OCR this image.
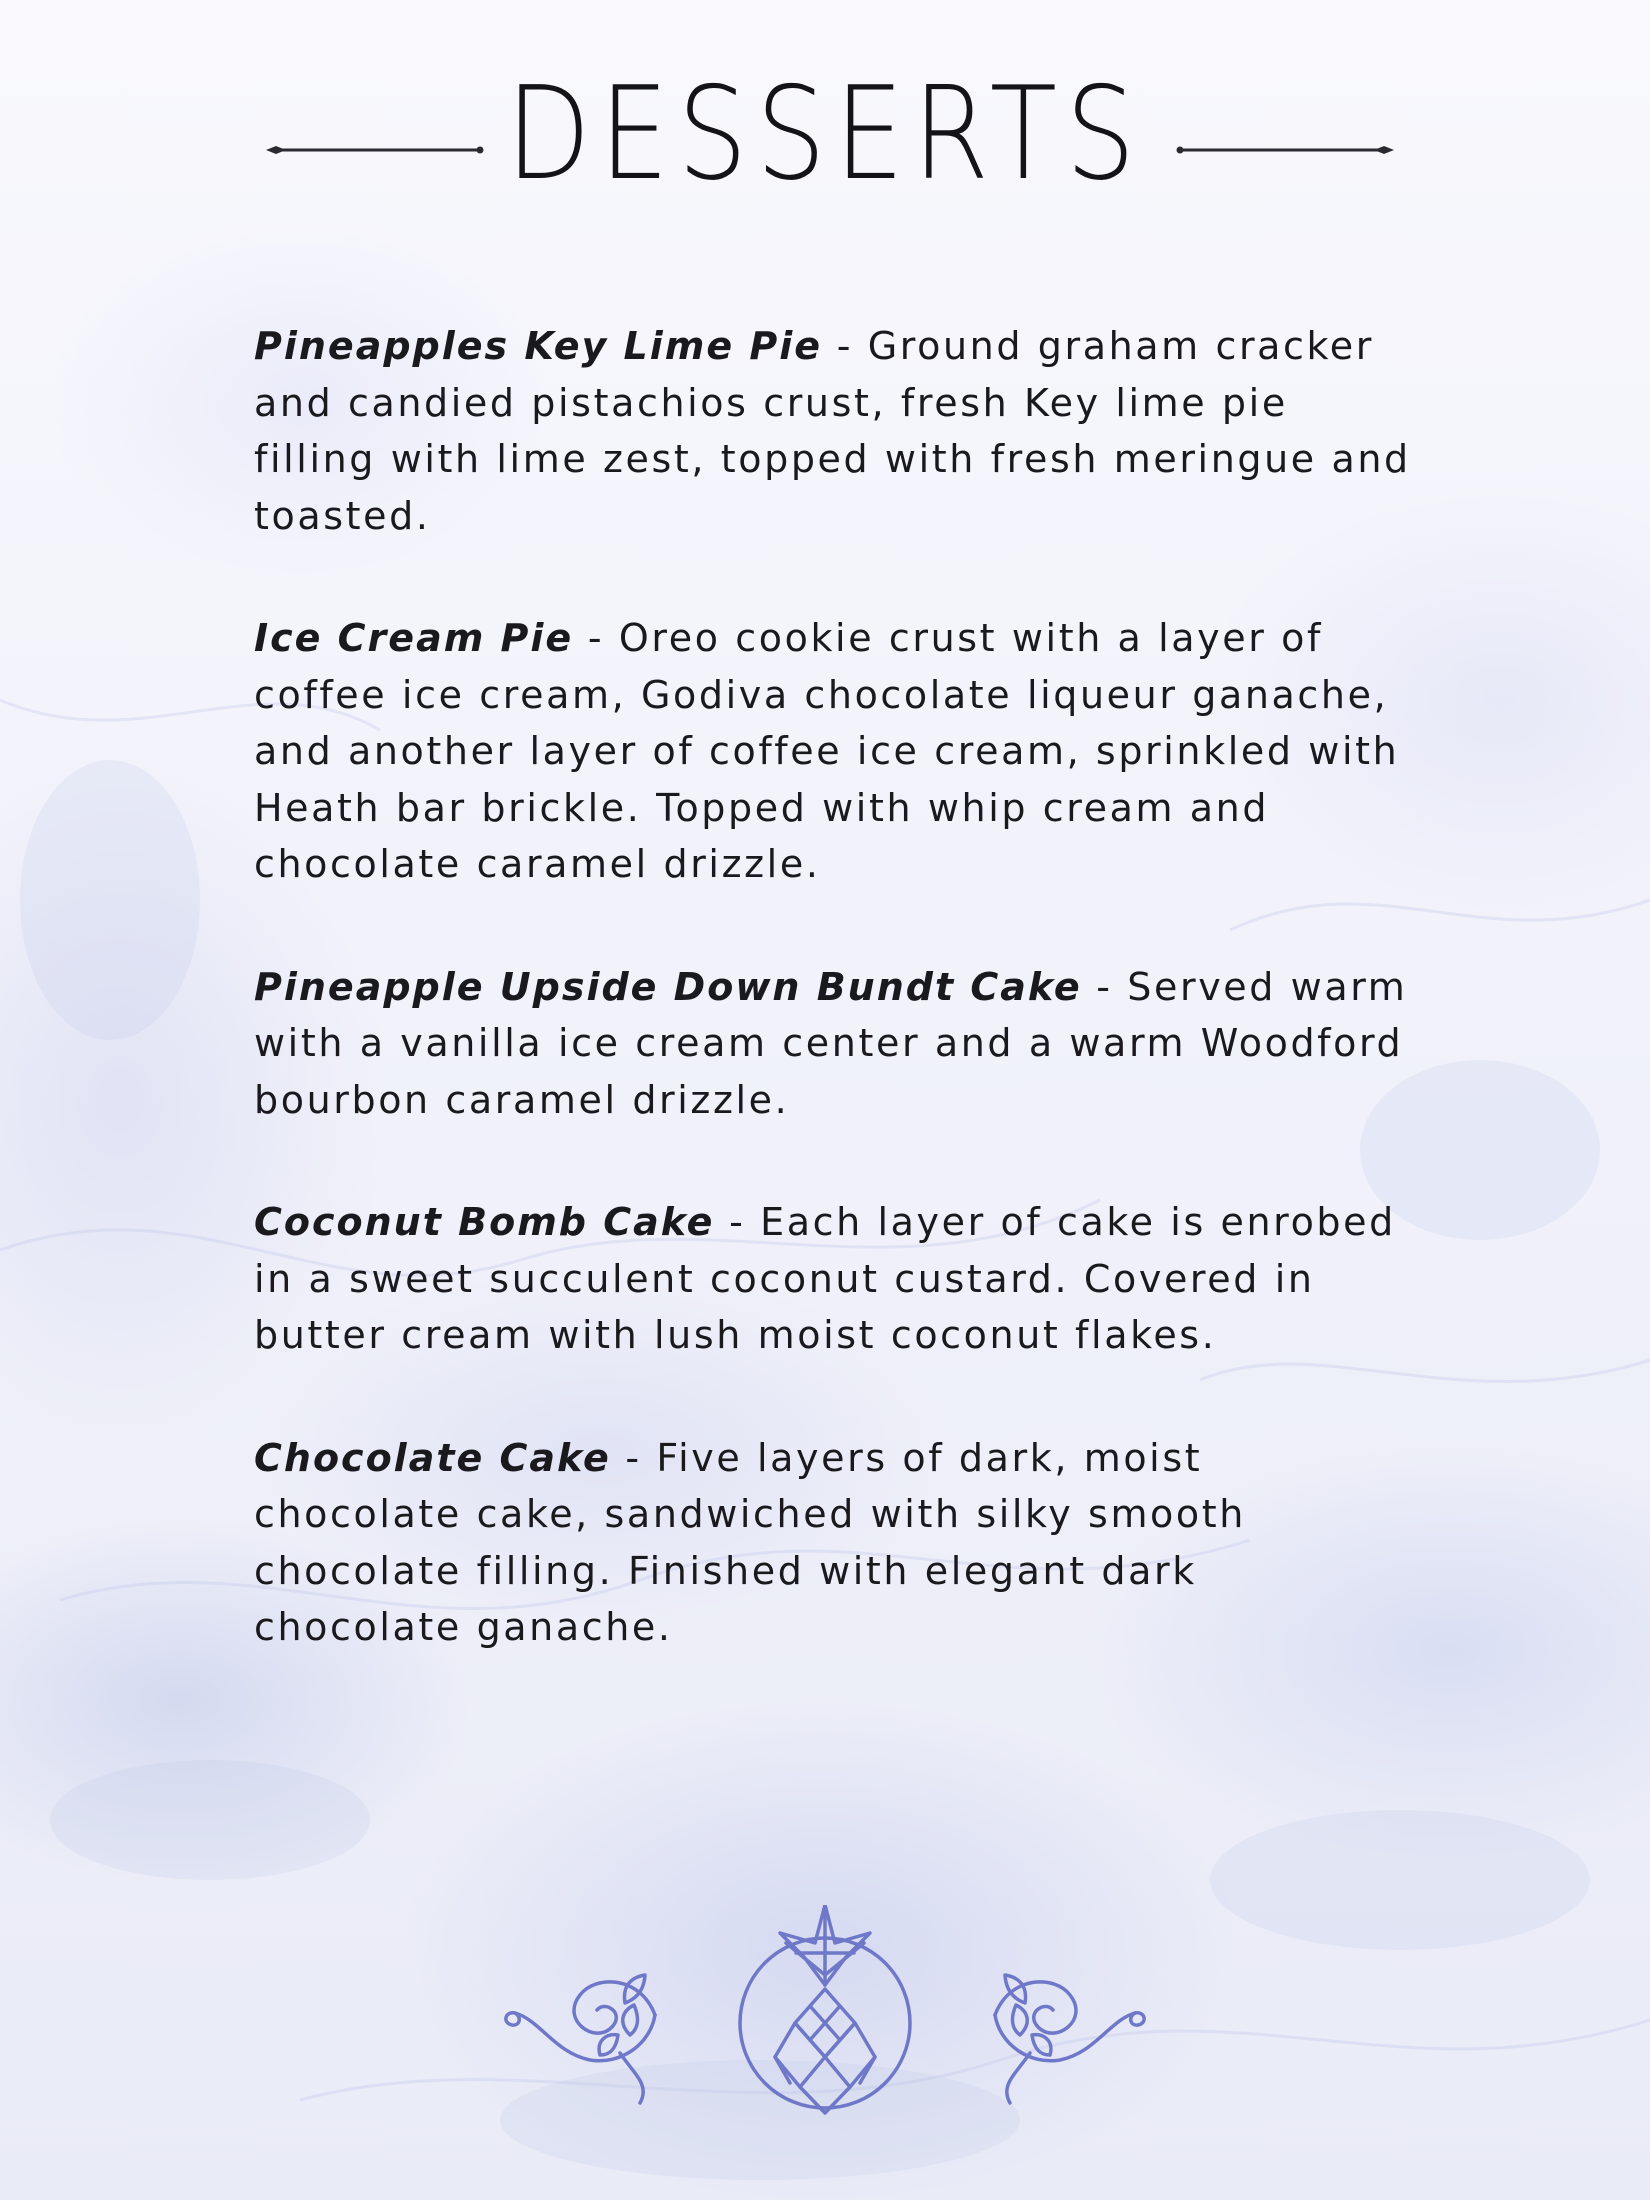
DESSERTS

Pineapples Key Lime Pie - Ground graham cracker and candied pistachios crust, fresh Key lime pie filling with lime zest, topped with fresh meringue and toasted.

Ice Cream Pie - Oreo cookie crust with a layer of coffee ice cream, Godiva chocolate liqueur ganache, and another layer of coffee ice cream, sprinkled with Heath bar brickle. Topped with whip cream and chocolate caramel drizzle.

Pineapple Upside Down Bundt Cake - Served warm with a vanilla ice cream center and a warm Woodford bourbon caramel drizzle.

Coconut Bomb Cake - Each layer of cake is enrobed in a sweet succulent coconut custard. Covered in butter cream with lush moist coconut flakes.

Chocolate Cake - Five layers of dark, moist chocolate cake, sandwiched with silky smooth chocolate filling. Finished with elegant dark chocolate ganache.
